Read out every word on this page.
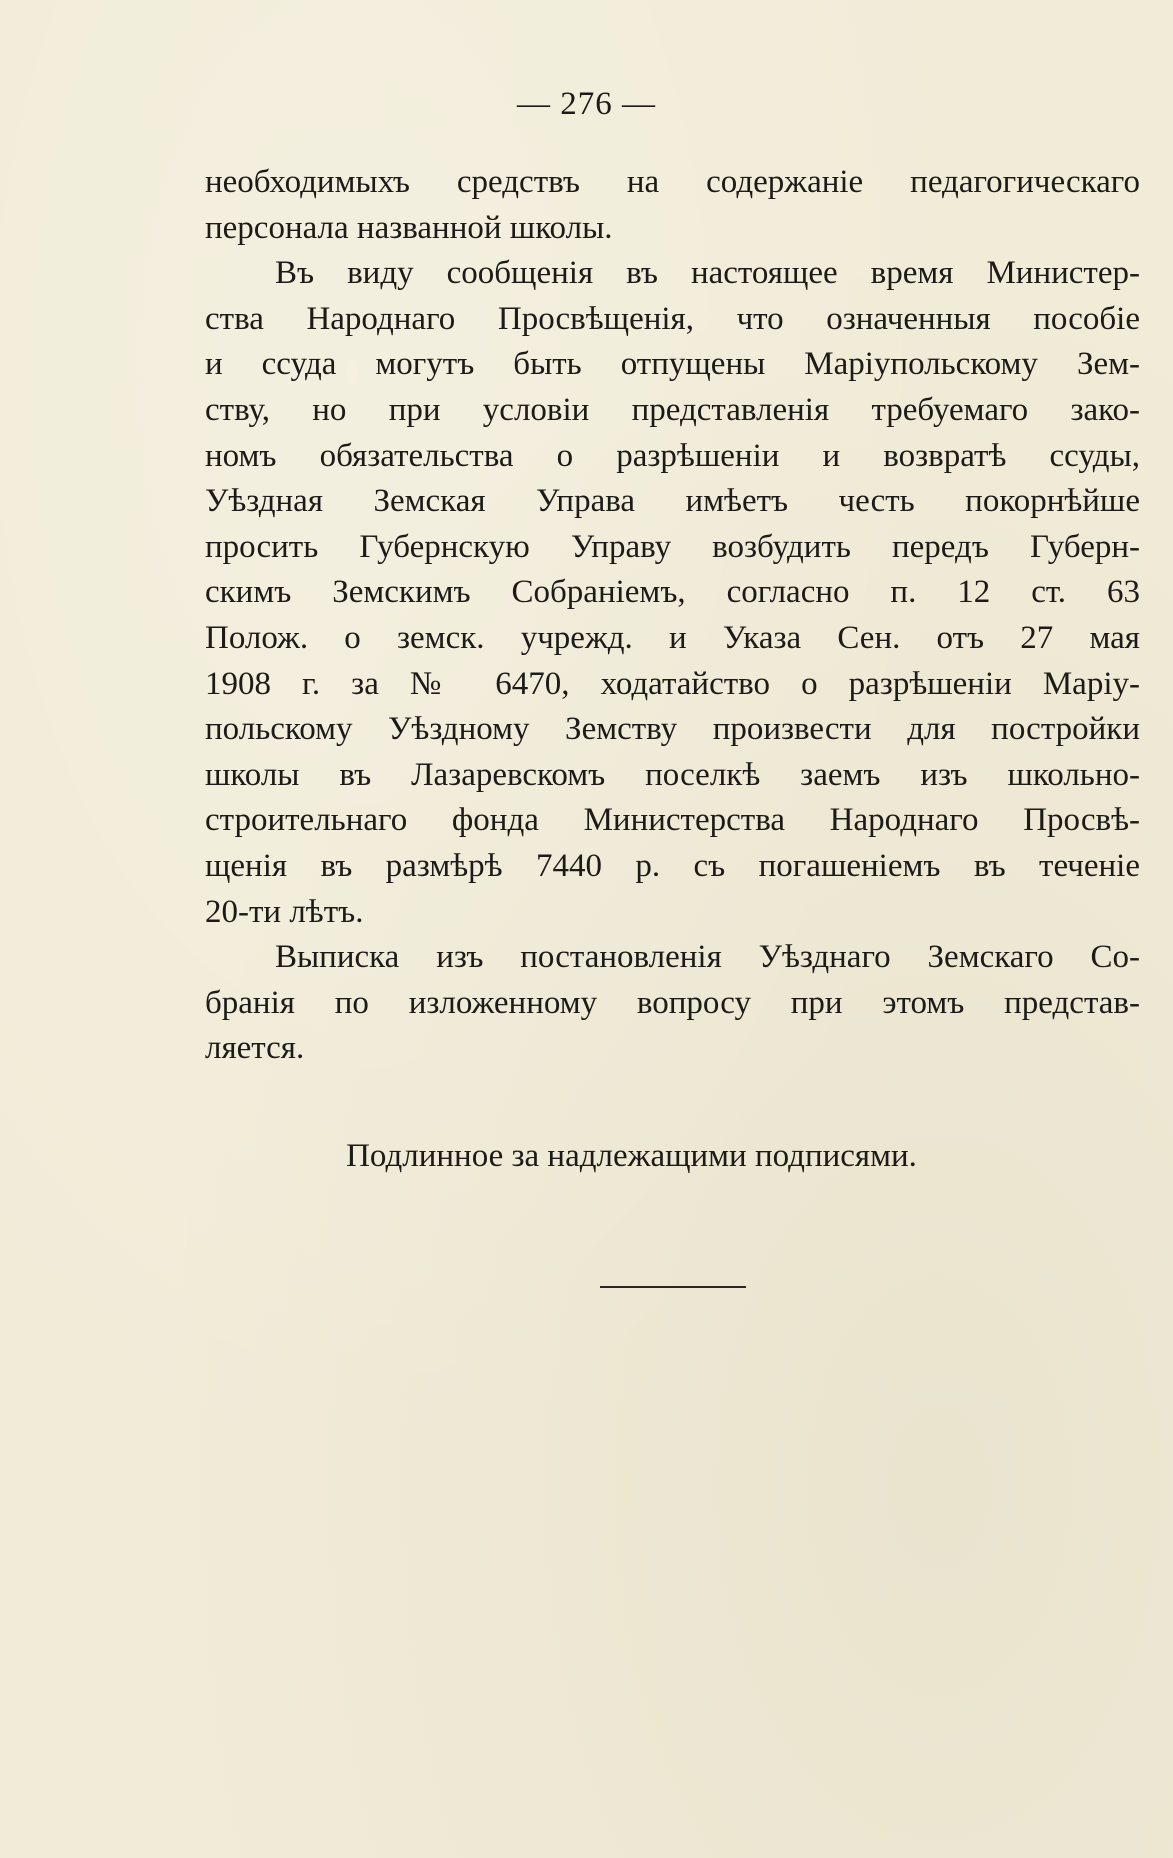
— 276 —
необходимыхъ средствъ на содержаніе педагогическаго
персонала названной школы.
Въ виду сообщенія въ настоящее время Министер-
ства Народнаго Просвѣщенія, что означенныя пособіе
и ссуда могутъ быть отпущены Маріупольскому Зем-
ству, но при условіи представленія требуемаго зако-
номъ обязательства о разрѣшеніи и возвратѣ ссуды,
Уѣздная Земская Управа имѣетъ честь покорнѣйше
просить Губернскую Управу возбудить передъ Губерн-
скимъ Земскимъ Собраніемъ, согласно п. 12 ст. 63
Полож. о земск. учрежд. и Указа Сен. отъ 27 мая
1908 г. за № 6470, ходатайство о разрѣшеніи Маріу-
польскому Уѣздному Земству произвести для постройки
школы въ Лазаревскомъ поселкѣ заемъ изъ школьно-
строительнаго фонда Министерства Народнаго Просвѣ-
щенія въ размѣрѣ 7440 р. съ погашеніемъ въ теченіе
20-ти лѣтъ.
Выписка изъ постановленія Уѣзднаго Земскаго Со-
бранія по изложенному вопросу при этомъ представ-
ляется.
Подлинное за надлежащими подписями.
